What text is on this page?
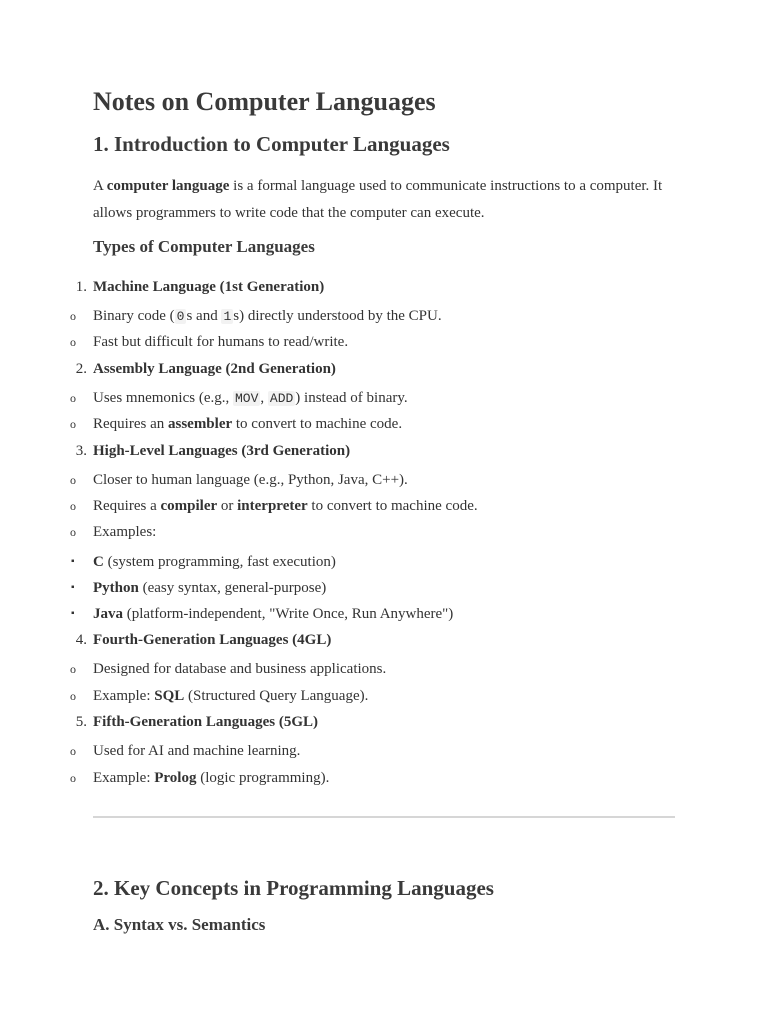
Notes on Computer Languages
1. Introduction to Computer Languages

A computer language is a formal language used to communicate instructions to a computer. It allows programmers to write code that the computer can execute.

Types of Computer Languages
1. Machine Language (1st Generation)
o	Binary code ( 0 s and 1 s) directly understood by the CPU.
o	Fast but difficult for humans to read/write.
2. Assembly Language (2nd Generation)
o	Uses mnemonics (e.g., MOV , ADD ) instead of binary.
o	Requires an assembler to convert to machine code.
3. High-Level Languages (3rd Generation)
o	Closer to human language (e.g., Python, Java, C++).
o	Requires a compiler or interpreter to convert to machine code.
o	Examples:
▪	C (system programming, fast execution)
▪	Python (easy syntax, general-purpose)
▪	Java (platform-independent, "Write Once, Run Anywhere")
4. Fourth-Generation Languages (4GL)
o	Designed for database and business applications.
o	Example: SQL (Structured Query Language).
5. Fifth-Generation Languages (5GL)
o	Used for AI and machine learning.
o	Example: Prolog (logic programming).
2. Key Concepts in Programming Languages
A. Syntax vs. Semantics
